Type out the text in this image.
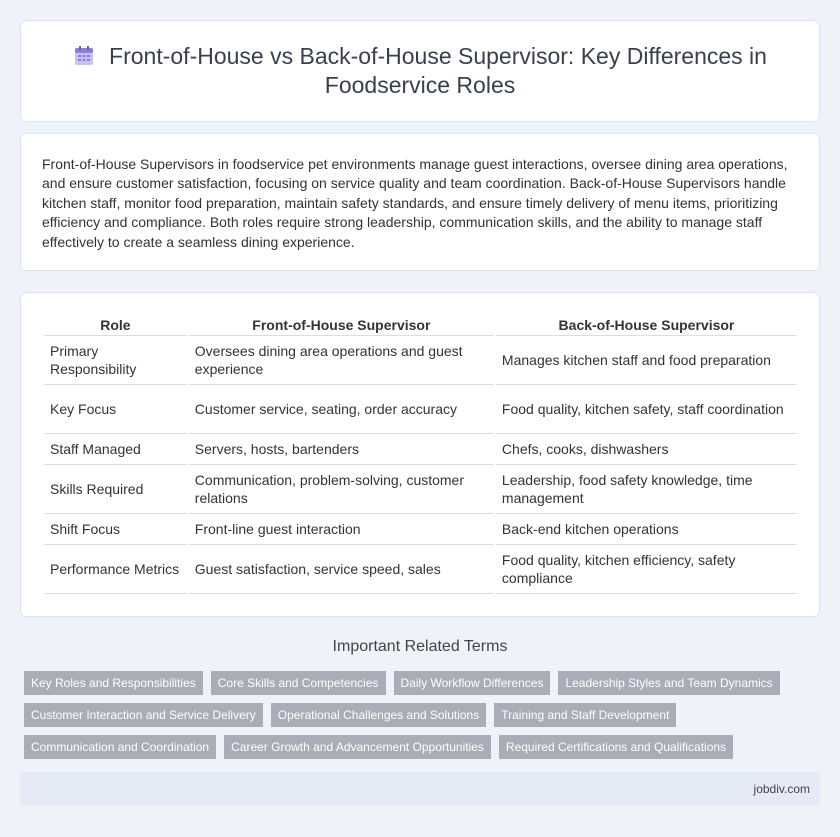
Front-of-House vs Back-of-House Supervisor: Key Differences in Foodservice Roles

Front-of-House Supervisors in foodservice pet environments manage guest interactions, oversee dining area operations, and ensure customer satisfaction, focusing on service quality and team coordination. Back-of-House Supervisors handle kitchen staff, monitor food preparation, maintain safety standards, and ensure timely delivery of menu items, prioritizing efficiency and compliance. Both roles require strong leadership, communication skills, and the ability to manage staff effectively to create a seamless dining experience.

Role	Front-of-House Supervisor	Back-of-House Supervisor
Primary Responsibility	Oversees dining area operations and guest experience	Manages kitchen staff and food preparation
Key Focus	Customer service, seating, order accuracy	Food quality, kitchen safety, staff coordination
Staff Managed	Servers, hosts, bartenders	Chefs, cooks, dishwashers
Skills Required	Communication, problem-solving, customer relations	Leadership, food safety knowledge, time management
Shift Focus	Front-line guest interaction	Back-end kitchen operations
Performance Metrics	Guest satisfaction, service speed, sales	Food quality, kitchen efficiency, safety compliance
Important Related Terms
Key Roles and Responsibilities	Core Skills and Competencies	Daily Workflow Differences	Leadership Styles and Team Dynamics
Customer Interaction and Service Delivery	Operational Challenges and Solutions	Training and Staff Development
Communication and Coordination	Career Growth and Advancement Opportunities	Required Certifications and Qualifications
jobdiv.com
